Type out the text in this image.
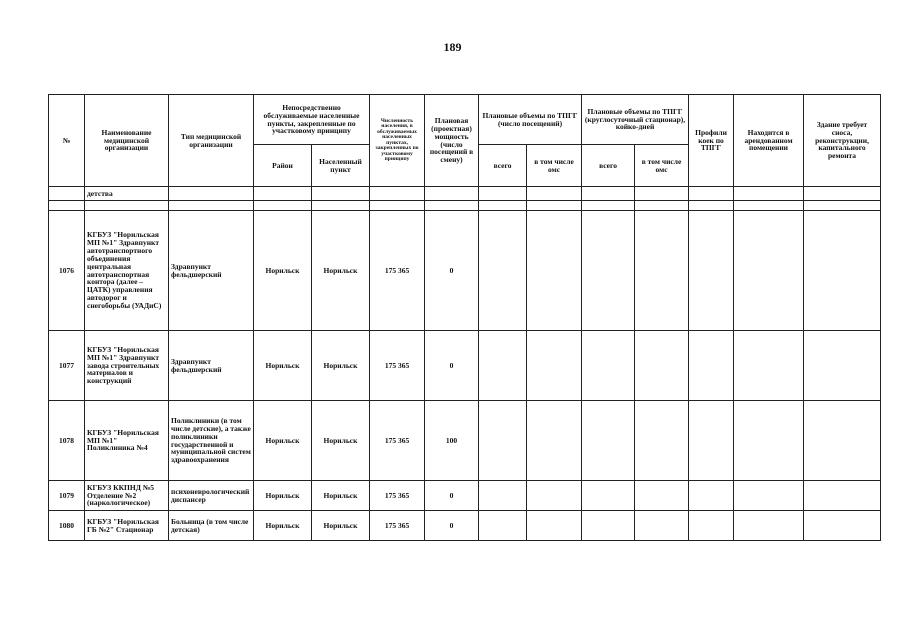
189
№	Наименование медицинской организации	Тип медицинской организации	Непосредственно обслуживаемые населенные пункты, закрепленные по участковому принципу		Численность населения, в обслуживаемых населенных пунктах, закрепленных по участковому принципу	Плановая (проектная) мощность (число посещений в смену)	Плановые объемы по ТПГГ (число посещений)		Плановые объемы по ТПГГ (круглосуточный стационар), койко-дней		Профили коек по ТПГГ	Находится в арендованном помещении	Здание требует сноса, реконструкции, капитального ремонта
			Район	Населенный пункт			всего	в том числе омс	всего	в том числе омс			
	детства												

1076	КГБУЗ "Норильская МП №1" Здравпункт автотранспортного объединения центральная автотранспортная контора (далее – ЦАТК) управления автодорог и снегоборьбы (УАДиС)	Здравпункт фельдшерский	Норильск	Норильск	175 365	0							
1077	КГБУЗ "Норильская МП №1" Здравпункт завода строительных материалов и конструкций	Здравпункт фельдшерский	Норильск	Норильск	175 365	0							
1078	КГБУЗ "Норильская МП №1" Поликлиника №4	Поликлиники (в том числе детские), а также поликлиники государственной и муниципальной систем здравоохранения	Норильск	Норильск	175 365	100							
1079	КГБУЗ ККПНД №5 Отделение №2 (наркологическое)	психоневрологический диспансер	Норильск	Норильск	175 365	0							
1080	КГБУЗ "Норильская ГБ №2" Стационар	Больница (в том числе детская)	Норильск	Норильск	175 365	0							
